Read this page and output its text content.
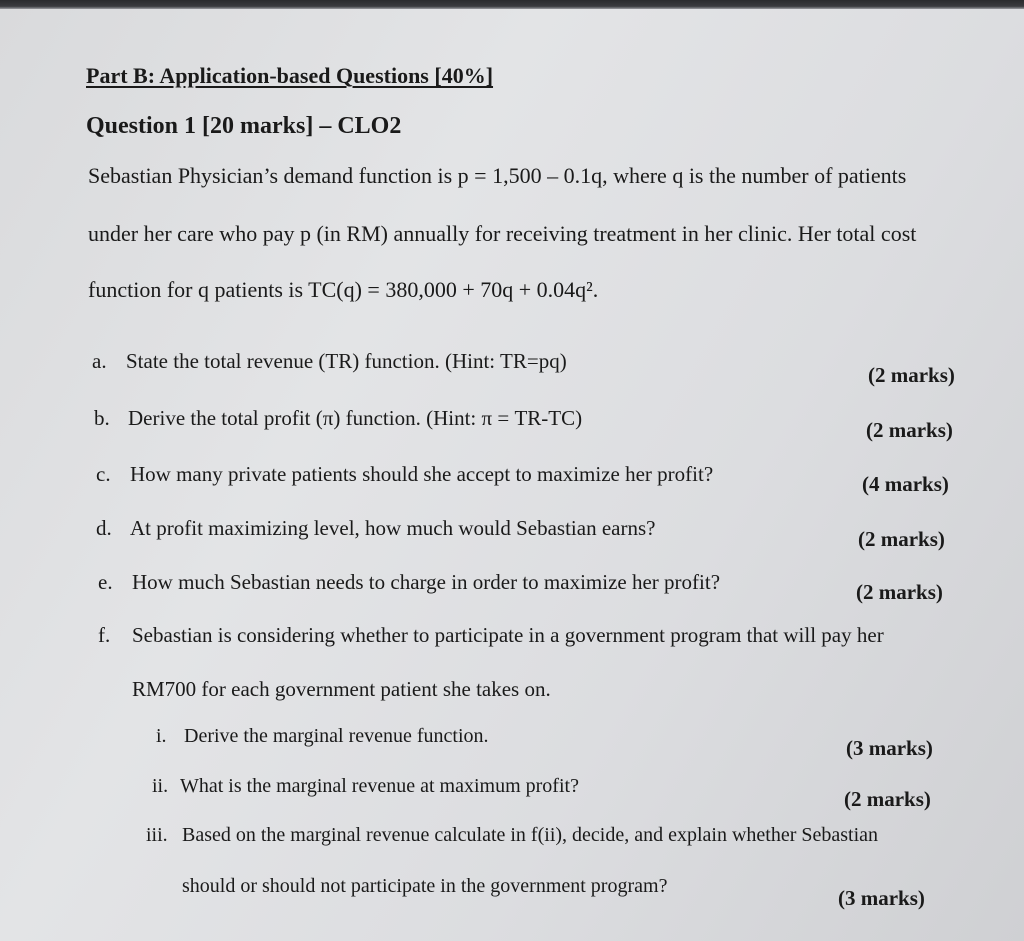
Part B: Application-based Questions [40%]
Question 1 [20 marks] – CLO2
Sebastian Physician’s demand function is p = 1,500 – 0.1q, where q is the number of patients
under her care who pay p (in RM) annually for receiving treatment in her clinic. Her total cost
function for q patients is TC(q) = 380,000 + 70q + 0.04q².
a. State the total revenue (TR) function. (Hint: TR=pq)
(2 marks)
b. Derive the total profit (π) function. (Hint: π = TR-TC)	(2 marks)
c. How many private patients should she accept to maximize her profit?	(4 marks)
d. At profit maximizing level, how much would Sebastian earns?	(2 marks)
e. How much Sebastian needs to charge in order to maximize her profit?	(2 marks)
f. Sebastian is considering whether to participate in a government program that will pay her
RM700 for each government patient she takes on.
i. Derive the marginal revenue function.	(3 marks)
ii. What is the marginal revenue at maximum profit?
(2 marks)
iii. Based on the marginal revenue calculate in f(ii), decide, and explain whether Sebastian
should or should not participate in the government program?	(3 marks)
